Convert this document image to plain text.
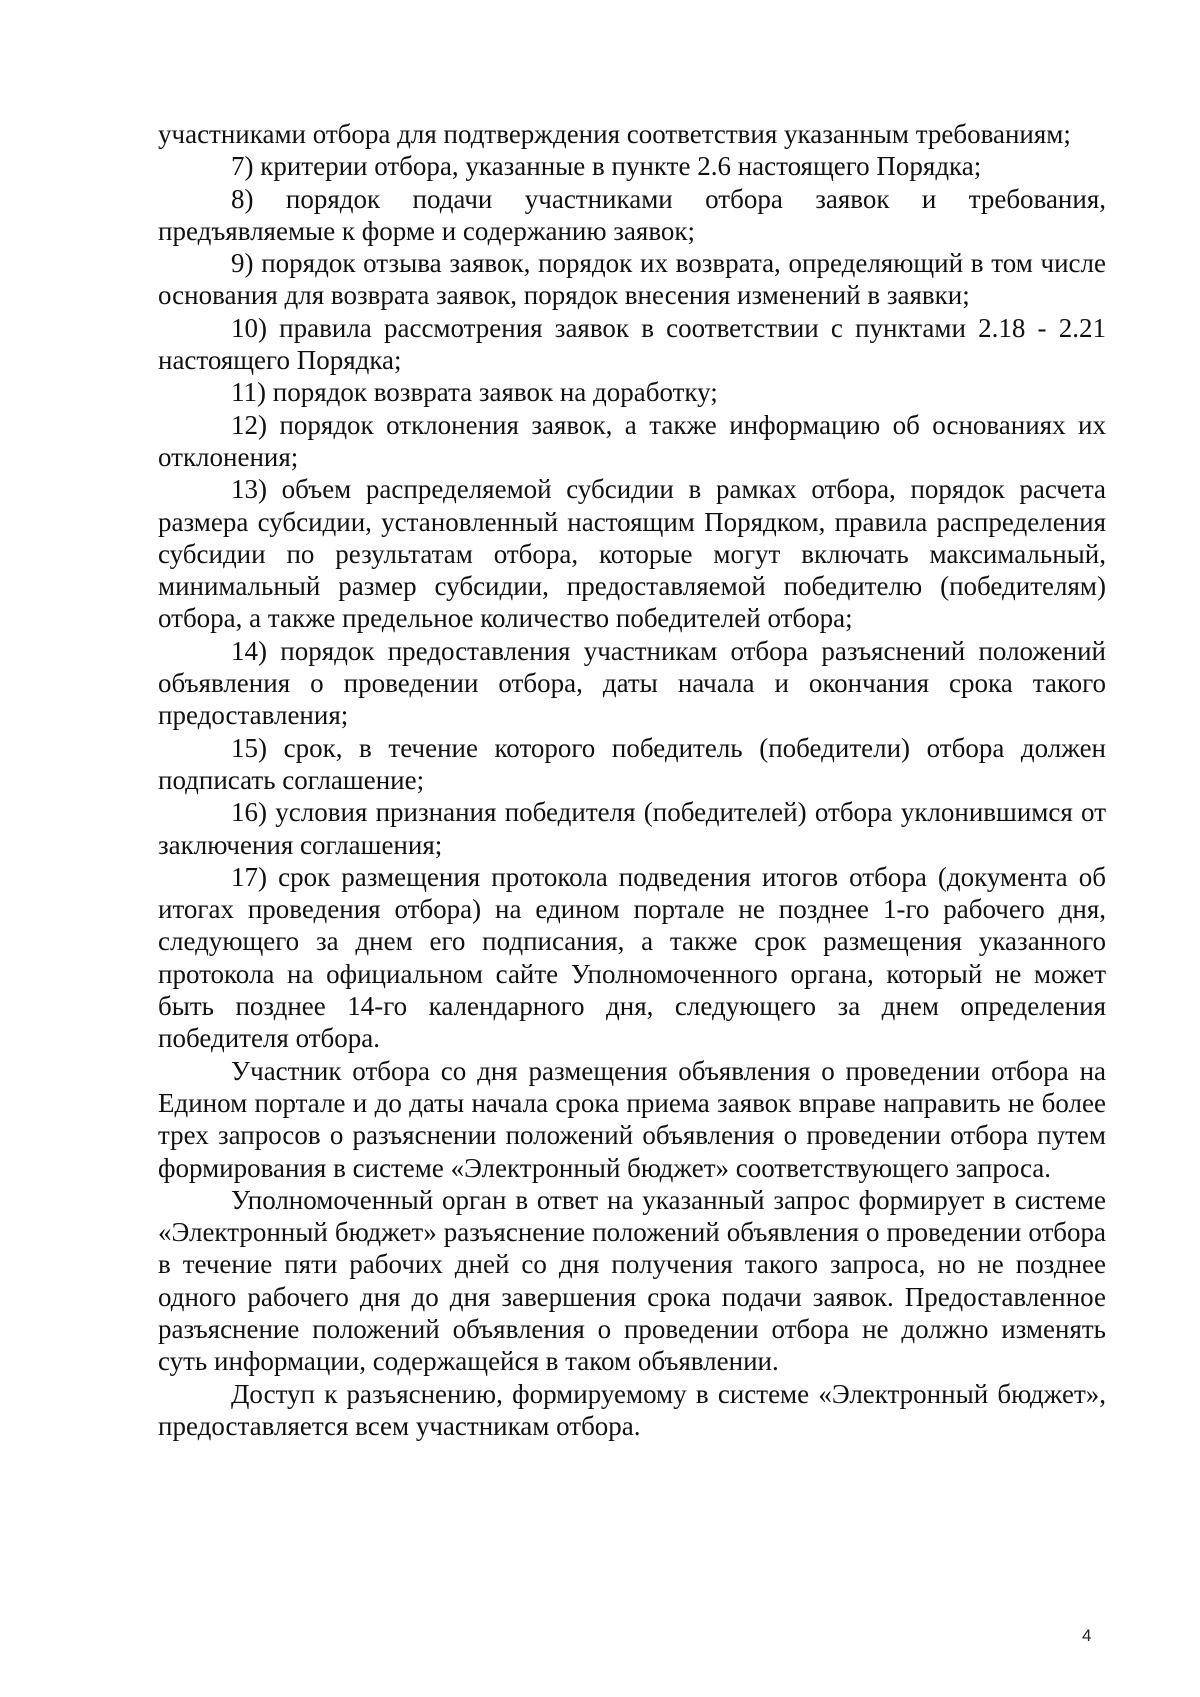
участниками отбора для подтверждения соответствия указанным требованиям;

7) критерии отбора, указанные в пункте 2.6 настоящего Порядка;

8) порядок подачи участниками отбора заявок и требования, предъявляемые к форме и содержанию заявок;

9) порядок отзыва заявок, порядок их возврата, определяющий в том числе основания для возврата заявок, порядок внесения изменений в заявки;

10) правила рассмотрения заявок в соответствии с пунктами 2.18 - 2.21 настоящего Порядка;

11) порядок возврата заявок на доработку;

12) порядок отклонения заявок, а также информацию об основаниях их отклонения;

13) объем распределяемой субсидии в рамках отбора, порядок расчета размера субсидии, установленный настоящим Порядком, правила распределения субсидии по результатам отбора, которые могут включать максимальный, минимальный размер субсидии, предоставляемой победителю (победителям) отбора, а также предельное количество победителей отбора;

14) порядок предоставления участникам отбора разъяснений положений объявления о проведении отбора, даты начала и окончания срока такого предоставления;

15) срок, в течение которого победитель (победители) отбора должен подписать соглашение;

16) условия признания победителя (победителей) отбора уклонившимся от заключения соглашения;

17) срок размещения протокола подведения итогов отбора (документа об итогах проведения отбора) на едином портале не позднее 1-го рабочего дня, следующего за днем его подписания, а также срок размещения указанного протокола на официальном сайте Уполномоченного органа, который не может быть позднее 14-го календарного дня, следующего за днем определения победителя отбора.

Участник отбора со дня размещения объявления о проведении отбора на Едином портале и до даты начала срока приема заявок вправе направить не более трех запросов о разъяснении положений объявления о проведении отбора путем формирования в системе «Электронный бюджет» соответствующего запроса.

Уполномоченный орган в ответ на указанный запрос формирует в системе «Электронный бюджет» разъяснение положений объявления о проведении отбора в течение пяти рабочих дней со дня получения такого запроса, но не позднее одного рабочего дня до дня завершения срока подачи заявок. Предоставленное разъяснение положений объявления о проведении отбора не должно изменять суть информации, содержащейся в таком объявлении.

Доступ к разъяснению, формируемому в системе «Электронный бюджет», предоставляется всем участникам отбора.

4
